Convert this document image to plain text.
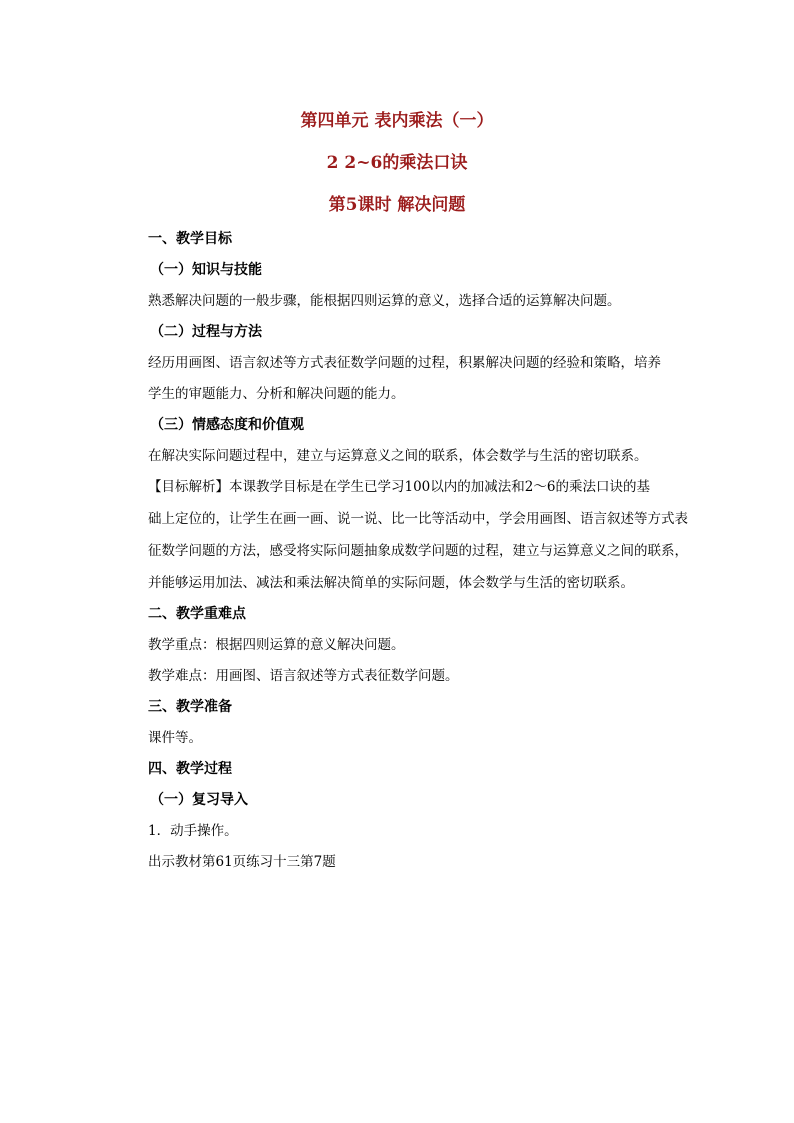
第四单元 表内乘法（一）
2 2~6的乘法口诀
第5课时 解决问题

一、教学目标

（一）知识与技能

熟悉解决问题的一般步骤，能根据四则运算的意义，选择合适的运算解决问题。

（二）过程与方法

经历用画图、语言叙述等方式表征数学问题的过程，积累解决问题的经验和策略，培养

学生的审题能力、分析和解决问题的能力。

（三）情感态度和价值观

在解决实际问题过程中，建立与运算意义之间的联系，体会数学与生活的密切联系。

【目标解析】本课教学目标是在学生已学习100以内的加减法和2～6的乘法口诀的基

础上定位的，让学生在画一画、说一说、比一比等活动中，学会用画图、语言叙述等方式表

征数学问题的方法，感受将实际问题抽象成数学问题的过程，建立与运算意义之间的联系，

并能够运用加法、减法和乘法解决简单的实际问题，体会数学与生活的密切联系。

二、教学重难点

教学重点：根据四则运算的意义解决问题。

教学难点：用画图、语言叙述等方式表征数学问题。

三、教学准备

课件等。

四、教学过程

（一）复习导入

1．动手操作。

出示教材第61页练习十三第7题
